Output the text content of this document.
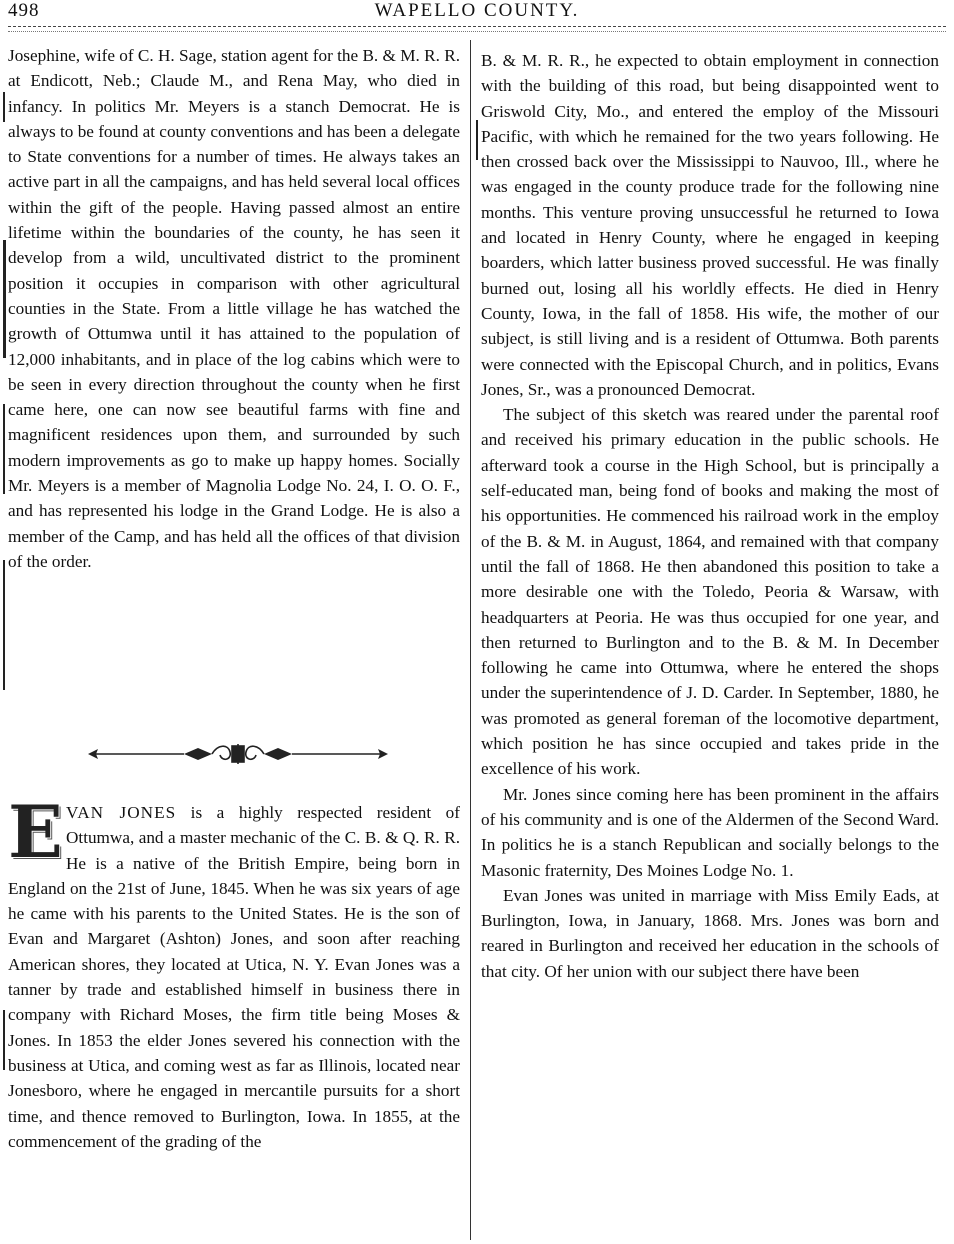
498	WAPELLO COUNTY.

Josephine, wife of C. H. Sage, station agent for the B. & M. R. R. at Endicott, Neb.; Claude M., and Rena May, who died in infancy. In politics Mr. Meyers is a stanch Democrat. He is always to be found at county conventions and has been a delegate to State conventions for a number of times. He always takes an active part in all the campaigns, and has held several local offices within the gift of the people. Having passed almost an entire lifetime within the boundaries of the county, he has seen it develop from a wild, uncultivated district to the prominent position it occupies in comparison with other agricultural counties in the State. From a little village he has watched the growth of Ottumwa until it has attained to the population of 12,000 inhabitants, and in place of the log cabins which were to be seen in every direction throughout the county when he first came here, one can now see beautiful farms with fine and magnificent residences upon them, and surrounded by such modern improvements as go to make up happy homes. Socially Mr. Meyers is a member of Magnolia Lodge No. 24, I. O. O. F., and has represented his lodge in the Grand Lodge. He is also a member of the Camp, and has held all the offices of that division of the order.

EVAN JONES is a highly respected resident of Ottumwa, and a master mechanic of the C. B. & Q. R. R. He is a native of the British Empire, being born in England on the 21st of June, 1845. When he was six years of age he came with his parents to the United States. He is the son of Evan and Margaret (Ashton) Jones, and soon after reaching American shores, they located at Utica, N. Y. Evan Jones was a tanner by trade and established himself in business there in company with Richard Moses, the firm title being Moses & Jones. In 1853 the elder Jones severed his connection with the business at Utica, and coming west as far as Illinois, located near Jonesboro, where he engaged in mercantile pursuits for a short time, and thence removed to Burlington, Iowa. In 1855, at the commencement of the grading of the

B. & M. R. R., he expected to obtain employment in connection with the building of this road, but being disappointed went to Griswold City, Mo., and entered the employ of the Missouri Pacific, with which he remained for the two years following. He then crossed back over the Mississippi to Nauvoo, Ill., where he was engaged in the county produce trade for the following nine months. This venture proving unsuccessful he returned to Iowa and located in Henry County, where he engaged in keeping boarders, which latter business proved successful. He was finally burned out, losing all his worldly effects. He died in Henry County, Iowa, in the fall of 1858. His wife, the mother of our subject, is still living and is a resident of Ottumwa. Both parents were connected with the Episcopal Church, and in politics, Evans Jones, Sr., was a pronounced Democrat.

The subject of this sketch was reared under the parental roof and received his primary education in the public schools. He afterward took a course in the High School, but is principally a self-educated man, being fond of books and making the most of his opportunities. He commenced his railroad work in the employ of the B. & M. in August, 1864, and remained with that company until the fall of 1868. He then abandoned this position to take a more desirable one with the Toledo, Peoria & Warsaw, with headquarters at Peoria. He was thus occupied for one year, and then returned to Burlington and to the B. & M. In December following he came into Ottumwa, where he entered the shops under the superintendence of J. D. Carder. In September, 1880, he was promoted as general foreman of the locomotive department, which position he has since occupied and takes pride in the excellence of his work.

Mr. Jones since coming here has been prominent in the affairs of his community and is one of the Aldermen of the Second Ward. In politics he is a stanch Republican and socially belongs to the Masonic fraternity, Des Moines Lodge No. 1.

Evan Jones was united in marriage with Miss Emily Eads, at Burlington, Iowa, in January, 1868. Mrs. Jones was born and reared in Burlington and received her education in the schools of that city. Of her union with our subject there have been
